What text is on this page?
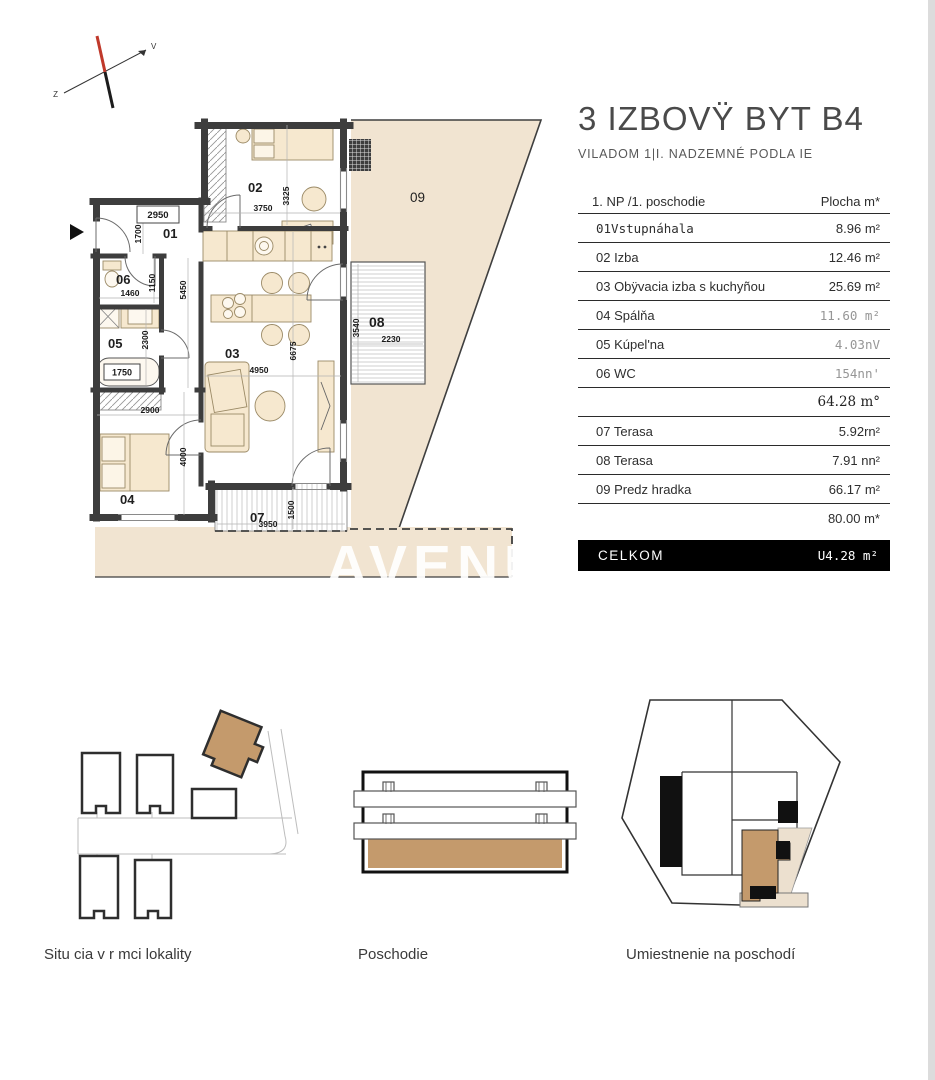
Z
V
2950
1700
1460
1150 5450
3750
3325
2300
1750
2900
4000
4950
6675
3950
1500
3540
2230
01
02
03
04
05
06
07
08
09
AVENU
3 IZBOVŸ BYT B4
VILADOM 1|I. NADZEMNÉ PODLA IE
1. NP /1. poschodie	Plocha m*
01Vstupnáhala	8.96 m²
02 Izba	12.46 m²
03 Obÿvacia izba s kuchyñou	25.69 m²
04 Spálňa	11.60 m²
05 Kúpel'na	4.03nV
06 WC	154nn'
64.28 m°
07 Terasa	5.92rn²
08 Terasa	7.91 nn²
09 Predz hradka	66.17 m²
80.00 m*
CELKOM	U4.28 m²
Situ cia v r mci lokality	Poschodie	Umiestnenie na poschodí
